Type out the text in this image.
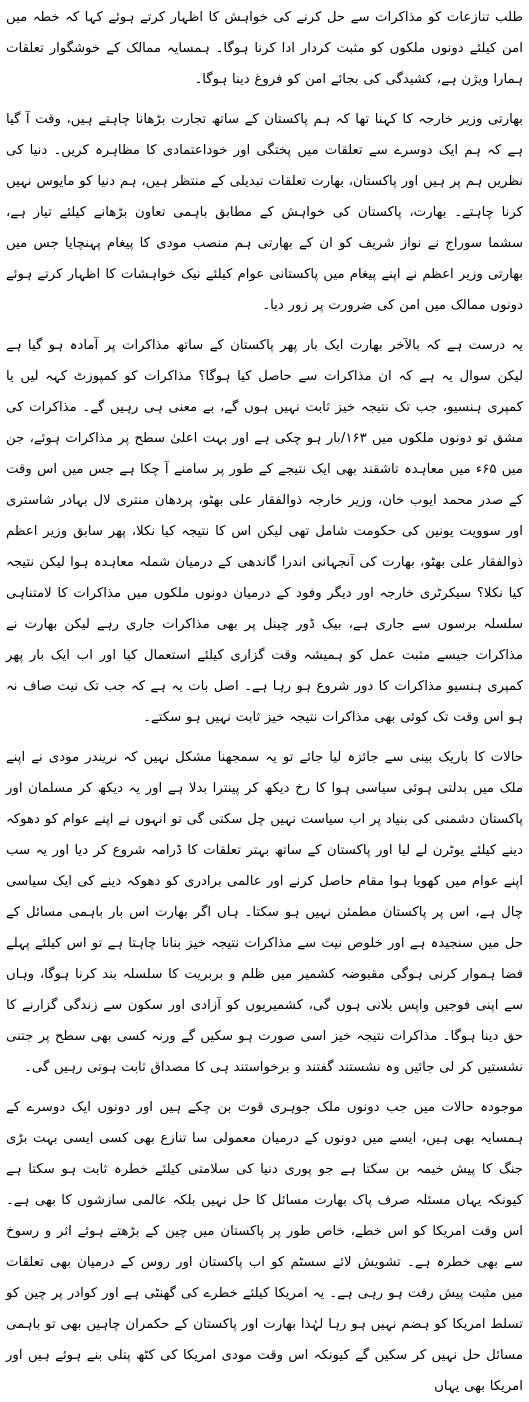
طلب تنازعات کو مذاکرات سے حل کرنے کی خواہش کا اظہار کرتے ہوئے کہا کہ خطہ میں امن کیلئے دونوں ملکوں کو مثبت کردار ادا کرنا ہوگا۔ ہمسایہ ممالک کے خوشگوار تعلقات ہمارا ویژن ہے، کشیدگی کی بجائے امن کو فروغ دینا ہوگا۔

بھارتی وزیر خارجہ کا کہنا تھا کہ ہم پاکستان کے ساتھ تجارت بڑھانا چاہتے ہیں، وقت آ گیا ہے کہ ہم ایک دوسرے سے تعلقات میں پختگی اور خوداعتمادی کا مظاہرہ کریں۔ دنیا کی نظریں ہم پر ہیں اور پاکستان، بھارت تعلقات تبدیلی کے منتظر ہیں، ہم دنیا کو مایوس نہیں کرنا چاہتے۔ بھارت، پاکستان کی خواہش کے مطابق باہمی تعاون بڑھانے کیلئے تیار ہے، سشما سوراج نے نواز شریف کو ان کے بھارتی ہم منصب مودی کا پیغام پہنچایا جس میں بھارتی وزیر اعظم نے اپنے پیغام میں پاکستانی عوام کیلئے نیک خواہشات کا اظہار کرتے ہوئے دونوں ممالک میں امن کی ضرورت پر زور دیا۔

یہ درست ہے کہ بالآخر بھارت ایک بار پھر پاکستان کے ساتھ مذاکرات پر آمادہ ہو گیا ہے لیکن سوال یہ ہے کہ ان مذاکرات سے حاصل کیا ہوگا؟ مذاکرات کو کمپوزٹ کہہ لیں یا کمپری ہنسیو، جب تک نتیجہ خیز ثابت نہیں ہوں گے، بے معنی ہی رہیں گے۔ مذاکرات کی مشق تو دونوں ملکوں میں ۱۶۳/بار ہو چکی ہے اور بہت اعلیٰ سطح پر مذاکرات ہوئے، جن میں ۶۵ء میں معاہدہ تاشقند بھی ایک نتیجے کے طور پر سامنے آ چکا ہے جس میں اس وقت کے صدر محمد ایوب خان، وزیر خارجہ ذوالفقار علی بھٹو، پردھان منتری لال بہادر شاستری اور سوویت یونین کی حکومت شامل تھی لیکن اس کا نتیجہ کیا نکلا، پھر سابق وزیر اعظم ذوالفقار علی بھٹو، بھارت کی آنجہانی اندرا گاندھی کے درمیان شملہ معاہدہ ہوا لیکن نتیجہ کیا نکلا؟ سیکرٹری خارجہ اور دیگر وفود کے درمیان دونوں ملکوں میں مذاکرات کا لامتناہی سلسلہ برسوں سے جاری ہے، بیک ڈور چینل پر بھی مذاکرات جاری رہے لیکن بھارت نے مذاکرات جیسے مثبت عمل کو ہمیشہ وقت گزاری کیلئے استعمال کیا اور اب ایک بار پھر کمپری ہنسیو مذاکرات کا دور شروع ہو رہا ہے۔ اصل بات یہ ہے کہ جب تک نیت صاف نہ ہو اس وقت تک کوئی بھی مذاکرات نتیجہ خیز ثابت نہیں ہو سکتے۔

حالات کا باریک بینی سے جائزہ لیا جائے تو یہ سمجھنا مشکل نہیں کہ نریندر مودی نے اپنے ملک میں بدلتی ہوئی سیاسی ہوا کا رخ دیکھ کر پینترا بدلا ہے اور یہ دیکھ کر مسلمان اور پاکستان دشمنی کی بنیاد پر اب سیاست نہیں چل سکتی گی تو انہوں نے اپنے عوام کو دھوکہ دینے کیلئے یوٹرن لے لیا اور پاکستان کے ساتھ بہتر تعلقات کا ڈرامہ شروع کر دیا اور یہ سب اپنے عوام میں کھویا ہوا مقام حاصل کرنے اور عالمی برادری کو دھوکہ دینے کی ایک سیاسی چال ہے، اس پر پاکستان مطمئن نہیں ہو سکتا۔ ہاں اگر بھارت اس بار باہمی مسائل کے حل میں سنجیدہ ہے اور خلوص نیت سے مذاکرات نتیجہ خیز بنانا چاہتا ہے تو اس کیلئے پہلے فضا ہموار کرنی ہوگی مقبوضہ کشمیر میں ظلم و بربریت کا سلسلہ بند کرنا ہوگا، وہاں سے اپنی فوجیں واپس بلانی ہوں گی، کشمیریوں کو آزادی اور سکون سے زندگی گزارنے کا حق دینا ہوگا۔ مذاکرات نتیجہ خیز اسی صورت ہو سکیں گے ورنہ کسی بھی سطح پر جتنی نشستیں کر لی جائیں وہ نشستند گفتند و برخواستند ہی کا مصداق ثابت ہوتی رہیں گی۔

موجودہ حالات میں جب دونوں ملک جوہری قوت بن چکے ہیں اور دونوں ایک دوسرے کے ہمسایہ بھی ہیں، ایسے میں دونوں کے درمیان معمولی سا تنازع بھی کسی ایسی بہت بڑی جنگ کا پیش خیمہ بن سکتا ہے جو پوری دنیا کی سلامتی کیلئے خطرہ ثابت ہو سکتا ہے کیونکہ یہاں مسئلہ صرف پاک بھارت مسائل کا حل نہیں بلکہ عالمی سازشوں کا بھی ہے۔ اس وقت امریکا کو اس خطے، خاص طور پر پاکستان میں چین کے بڑھتے ہوئے اثر و رسوخ سے بھی خطرہ ہے۔ تشویش لائے سسٹم کو اب پاکستان اور روس کے درمیان بھی تعلقات میں مثبت پیش رفت ہو رہی ہے۔ یہ امریکا کیلئے خطرے کی گھنٹی ہے اور کوادر پر چین کو تسلط امریکا کو ہضم نہیں ہو رہا لہٰذا بھارت اور پاکستان کے حکمران چاہیں بھی تو باہمی مسائل حل نہیں کر سکیں گے کیونکہ اس وقت مودی امریکا کی کٹھ پتلی بنے ہوئے ہیں اور امریکا بھی یہاں
